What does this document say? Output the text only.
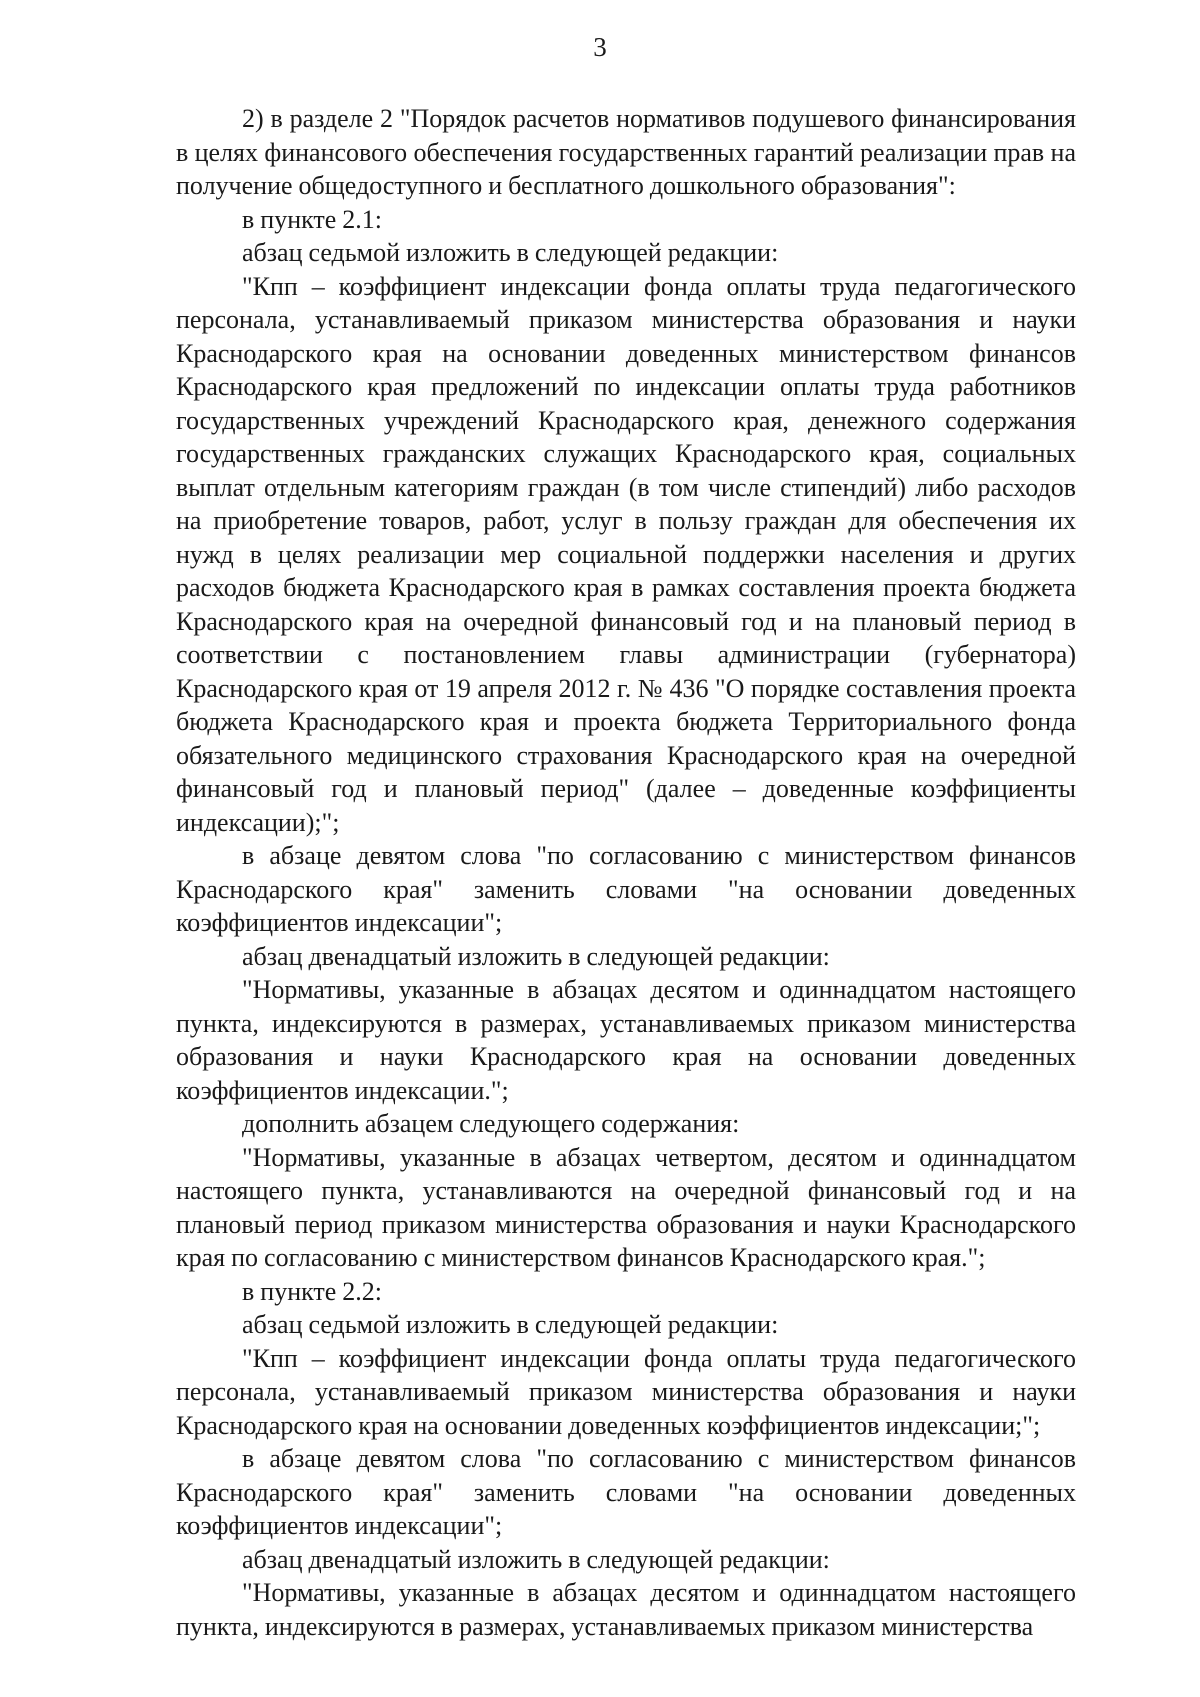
3

2) в разделе 2 "Порядок расчетов нормативов подушевого финансирования в целях финансового обеспечения государственных гарантий реализации прав на получение общедоступного и бесплатного дошкольного образования":

в пункте 2.1:

абзац седьмой изложить в следующей редакции:

"Кпп – коэффициент индексации фонда оплаты труда педагогического персонала, устанавливаемый приказом министерства образования и науки Краснодарского края на основании доведенных министерством финансов Краснодарского края предложений по индексации оплаты труда работников государственных учреждений Краснодарского края, денежного содержания государственных гражданских служащих Краснодарского края, социальных выплат отдельным категориям граждан (в том числе стипендий) либо расходов на приобретение товаров, работ, услуг в пользу граждан для обеспечения их нужд в целях реализации мер социальной поддержки населения и других расходов бюджета Краснодарского края в рамках составления проекта бюджета Краснодарского края на очередной финансовый год и на плановый период в соответствии с постановлением главы администрации (губернатора) Краснодарского края от 19 апреля 2012 г. № 436 "О порядке составления проекта бюджета Краснодарского края и проекта бюджета Территориального фонда обязательного медицинского страхования Краснодарского края на очередной финансовый год и плановый период" (далее – доведенные коэффициенты индексации);";

в абзаце девятом слова "по согласованию с министерством финансов Краснодарского края" заменить словами "на основании доведенных коэффициентов индексации";

абзац двенадцатый изложить в следующей редакции:

"Нормативы, указанные в абзацах десятом и одиннадцатом настоящего пункта, индексируются в размерах, устанавливаемых приказом министерства образования и науки Краснодарского края на основании доведенных коэффициентов индексации.";

дополнить абзацем следующего содержания:

"Нормативы, указанные в абзацах четвертом, десятом и одиннадцатом настоящего пункта, устанавливаются на очередной финансовый год и на плановый период приказом министерства образования и науки Краснодарского края по согласованию с министерством финансов Краснодарского края.";

в пункте 2.2:

абзац седьмой изложить в следующей редакции:

"Кпп – коэффициент индексации фонда оплаты труда педагогического персонала, устанавливаемый приказом министерства образования и науки Краснодарского края на основании доведенных коэффициентов индексации;";

в абзаце девятом слова "по согласованию с министерством финансов Краснодарского края" заменить словами "на основании доведенных коэффициентов индексации";

абзац двенадцатый изложить в следующей редакции:

"Нормативы, указанные в абзацах десятом и одиннадцатом настоящего пункта, индексируются в размерах, устанавливаемых приказом министерства
